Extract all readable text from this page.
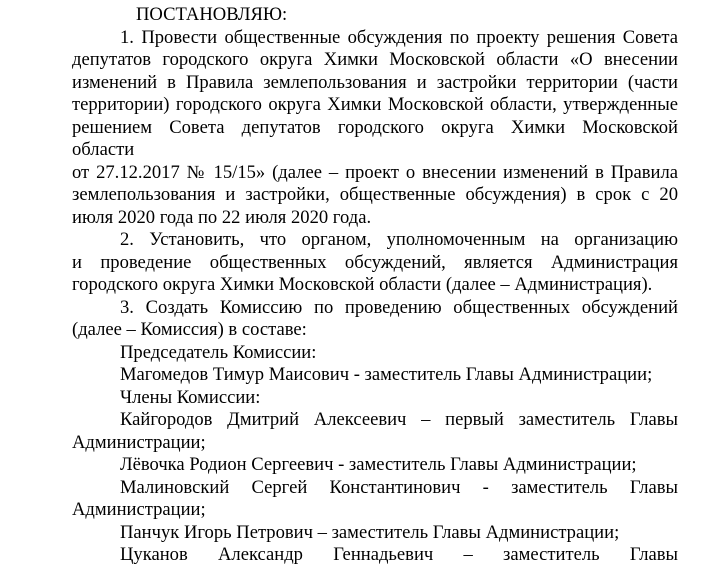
ПОСТАНОВЛЯЮ:
1. Провести общественные обсуждения по проекту решения Совета
депутатов городского округа Химки Московской области «О внесении
изменений в Правила землепользования и застройки территории (части
территории) городского округа Химки Московской области, утвержденные
решением Совета депутатов городского округа Химки Московской
области
от 27.12.2017 № 15/15» (далее – проект о внесении изменений в Правила
землепользования и застройки, общественные обсуждения) в срок с 20
июля 2020 года по 22 июля 2020 года.
2. Установить, что органом, уполномоченным на организацию
и проведение общественных обсуждений, является Администрация
городского округа Химки Московской области (далее – Администрация).
3. Создать Комиссию по проведению общественных обсуждений
(далее – Комиссия) в составе:
Председатель Комиссии:
Магомедов Тимур Маисович - заместитель Главы Администрации;
Члены Комиссии:
Кайгородов Дмитрий Алексеевич – первый заместитель Главы
Администрации;
Лёвочка Родион Сергеевич - заместитель Главы Администрации;
Малиновский Сергей Константинович - заместитель Главы
Администрации;
Панчук Игорь Петрович – заместитель Главы Администрации;
Цуканов Александр Геннадьевич – заместитель Главы
